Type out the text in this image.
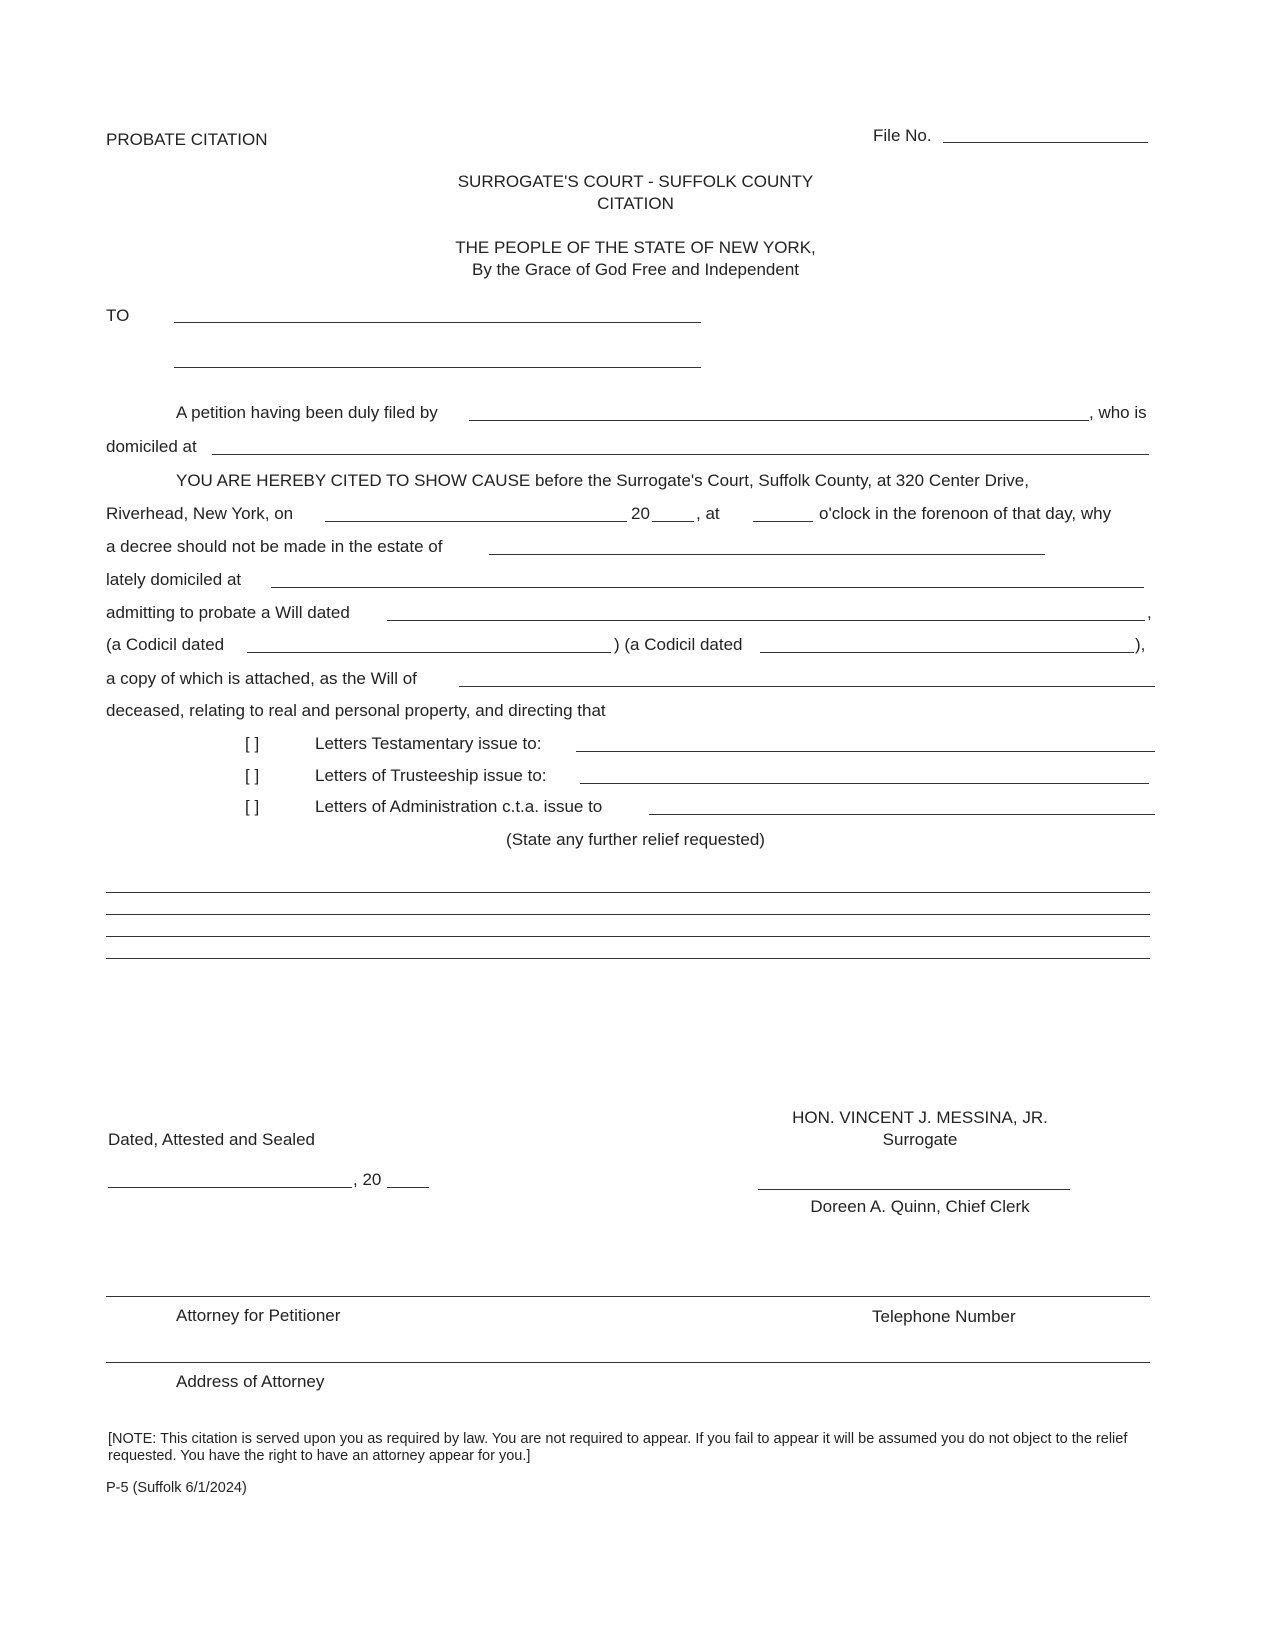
PROBATE CITATION	File No.
SURROGATE'S COURT - SUFFOLK COUNTY
CITATION
THE PEOPLE OF THE STATE OF NEW YORK,
By the Grace of God Free and Independent
TO
A petition having been duly filed by	, who is
domiciled at
YOU ARE HEREBY CITED TO SHOW CAUSE before the Surrogate's Court, Suffolk County, at 320 Center Drive,
Riverhead, New York, on	20	, at	o'clock in the forenoon of that day, why
a decree should not be made in the estate of
lately domiciled at
admitting to probate a Will dated	,
(a Codicil dated	) (a Codicil dated	),
a copy of which is attached, as the Will of
deceased, relating to real and personal property, and directing that
[ ]	Letters Testamentary issue to:
[ ]	Letters of Trusteeship issue to:
[ ]	Letters of Administration c.t.a. issue to
(State any further relief requested)
HON. VINCENT J. MESSINA, JR.
Surrogate
Dated, Attested and Sealed
, 20
Doreen A. Quinn, Chief Clerk
Attorney for Petitioner	Telephone Number
Address of Attorney
[NOTE: This citation is served upon you as required by law. You are not required to appear. If you fail to appear it will be assumed you do not object to the relief requested. You have the right to have an attorney appear for you.]
P-5 (Suffolk 6/1/2024)
